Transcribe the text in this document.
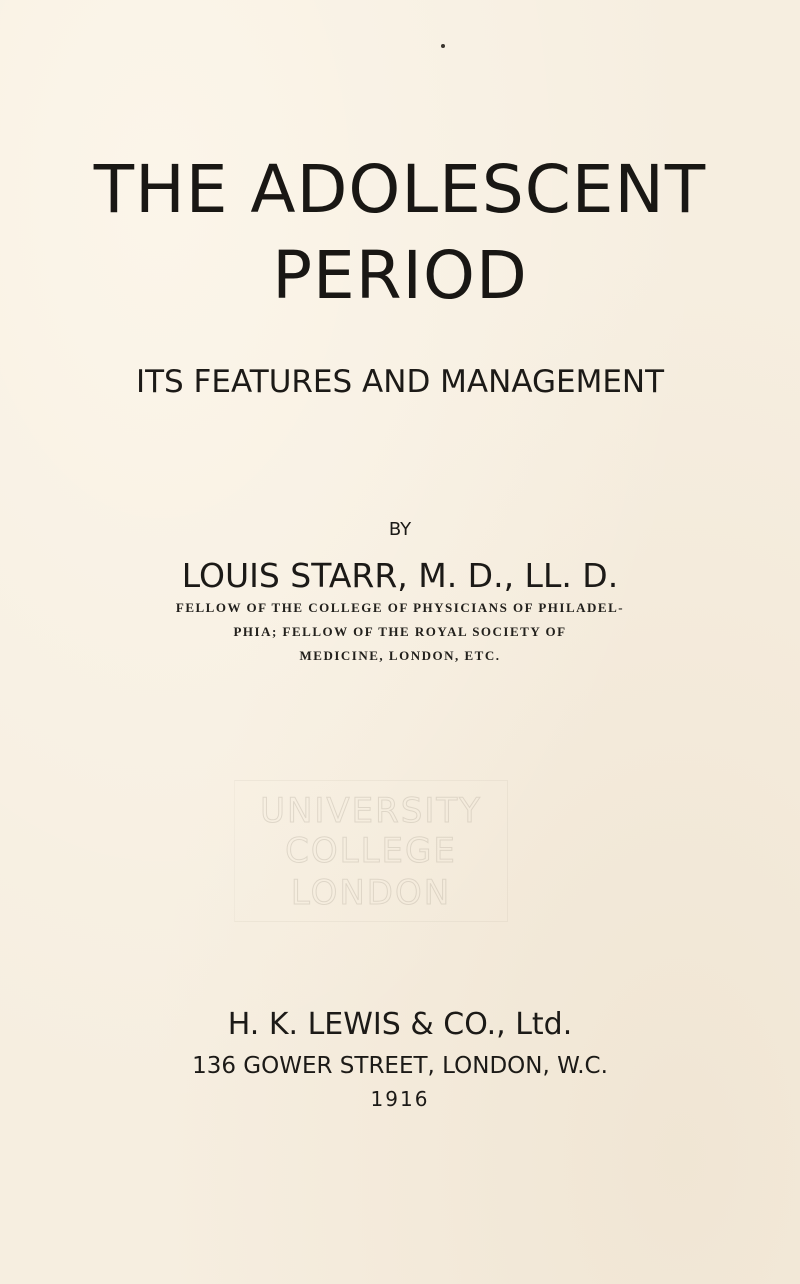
THE ADOLESCENT
PERIOD
ITS FEATURES AND MANAGEMENT
BY
LOUIS STARR, M. D., LL. D.
FELLOW OF THE COLLEGE OF PHYSICIANS OF PHILADEL-
PHIA; FELLOW OF THE ROYAL SOCIETY OF
MEDICINE, LONDON, ETC.
UNIVERSITY
COLLEGE
LONDON
H. K. LEWIS & CO., Ltd.
136 GOWER STREET, LONDON, W.C.
1916
